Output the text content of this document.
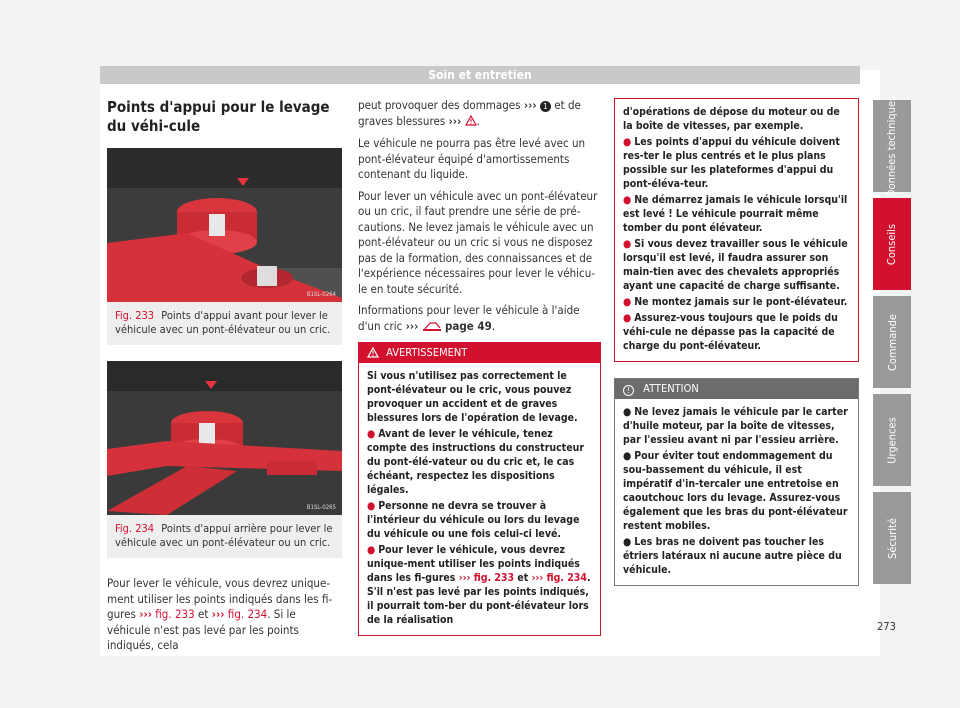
Soin et entretien
Points d'appui pour le levage du véhi-cule
B1SL-0264
Fig. 233 Points d'appui avant pour lever le véhicule avec un pont-élévateur ou un cric.
B1SL-0265
Fig. 234 Points d'appui arrière pour lever le véhicule avec un pont-élévateur ou un cric.

Pour lever le véhicule, vous devrez unique-ment utiliser les points indiqués dans les fi-gures ››› fig. 233 et ››› fig. 234. Si le véhicule n'est pas levé par les points indiqués, cela

peut provoquer des dommages ››› 1 et de graves blessures ››› .

Le véhicule ne pourra pas être levé avec un pont-élévateur équipé d'amortissements contenant du liquide.

Pour lever un véhicule avec un pont-élévateur ou un cric, il faut prendre une série de pré-cautions. Ne levez jamais le véhicule avec un pont-élévateur ou un cric si vous ne disposez pas de la formation, des connaissances et de l'expérience nécessaires pour lever le véhicu-le en toute sécurité.

Informations pour lever le véhicule à l'aide d'un cric ››› page 49.

AVERTISSEMENT

Si vous n'utilisez pas correctement le pont-élévateur ou le cric, vous pouvez provoquer un accident et de graves blessures lors de l'opération de levage.

● Avant de lever le véhicule, tenez compte des instructions du constructeur du pont-élé-vateur ou du cric et, le cas échéant, respectez les dispositions légales.

● Personne ne devra se trouver à l'intérieur du véhicule ou lors du levage du véhicule ou une fois celui-ci levé.

● Pour lever le véhicule, vous devrez unique-ment utiliser les points indiqués dans les fi-gures ››› fig. 233 et ››› fig. 234. S'il n'est pas levé par les points indiqués, il pourrait tom-ber du pont-élévateur lors de la réalisation

d'opérations de dépose du moteur ou de la boîte de vitesses, par exemple.

● Les points d'appui du véhicule doivent res-ter le plus centrés et le plus plans possible sur les plateformes d'appui du pont-éléva-teur.

● Ne démarrez jamais le véhicule lorsqu'il est levé ! Le véhicule pourrait même tomber du pont élévateur.

● Si vous devez travailler sous le véhicule lorsqu'il est levé, il faudra assurer son main-tien avec des chevalets appropriés ayant une capacité de charge suffisante.

● Ne montez jamais sur le pont-élévateur.

● Assurez-vous toujours que le poids du véhi-cule ne dépasse pas la capacité de charge du pont-élévateur.

! ATTENTION

● Ne levez jamais le véhicule par le carter d'huile moteur, par la boîte de vitesses, par l'essieu avant ni par l'essieu arrière.

● Pour éviter tout endommagement du sou-bassement du véhicule, il est impératif d'in-tercaler une entretoise en caoutchouc lors du levage. Assurez-vous également que les bras du pont-élévateur restent mobiles.

● Les bras ne doivent pas toucher les étriers latéraux ni aucune autre pièce du véhicule.

Données techniques
Conseils
Commande
Urgences
Sécurité
273
